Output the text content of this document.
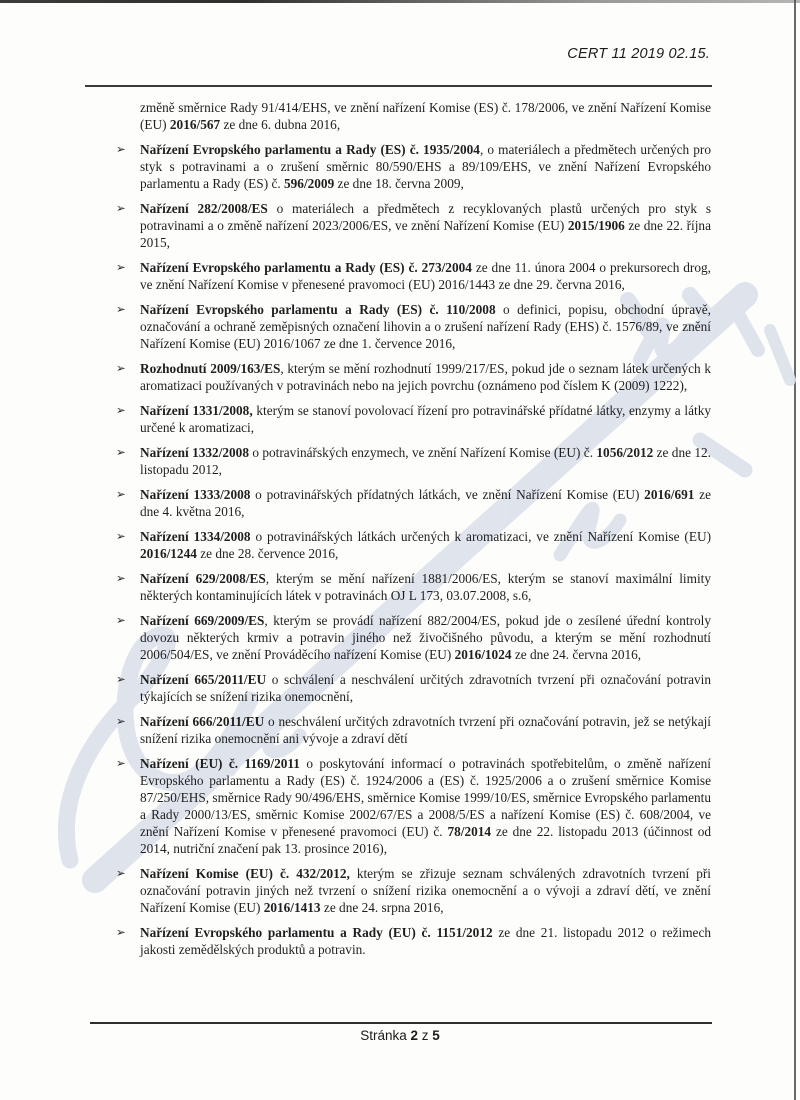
CERT 11 2019 02.15.

změně směrnice Rady 91/414/EHS, ve znění nařízení Komise (ES) č. 178/2006, ve znění Nařízení Komise (EU) 2016/567 ze dne 6. dubna 2016,

➢ Nařízení Evropského parlamentu a Rady (ES) č. 1935/2004, o materiálech a předmětech určených pro styk s potravinami a o zrušení směrnic 80/590/EHS a 89/109/EHS, ve znění Nařízení Evropského parlamentu a Rady (ES) č. 596/2009 ze dne 18. června 2009,

➢ Nařízení 282/2008/ES o materiálech a předmětech z recyklovaných plastů určených pro styk s potravinami a o změně nařízení 2023/2006/ES, ve znění Nařízení Komise (EU) 2015/1906 ze dne 22. října 2015,

➢ Nařízení Evropského parlamentu a Rady (ES) č. 273/2004 ze dne 11. února 2004 o prekursorech drog, ve znění Nařízení Komise v přenesené pravomoci (EU) 2016/1443 ze dne 29. června 2016,

➢ Nařízení Evropského parlamentu a Rady (ES) č. 110/2008 o definici, popisu, obchodní úpravě, označování a ochraně zeměpisných označení lihovin a o zrušení nařízení Rady (EHS) č. 1576/89, ve znění Nařízení Komise (EU) 2016/1067 ze dne 1. července 2016,

➢ Rozhodnutí 2009/163/ES, kterým se mění rozhodnutí 1999/217/ES, pokud jde o seznam látek určených k aromatizaci používaných v potravinách nebo na jejich povrchu (oznámeno pod číslem K (2009) 1222),

➢ Nařízení 1331/2008, kterým se stanoví povolovací řízení pro potravinářské přídatné látky, enzymy a látky určené k aromatizaci,

➢ Nařízení 1332/2008 o potravinářských enzymech, ve znění Nařízení Komise (EU) č. 1056/2012 ze dne 12. listopadu 2012,

➢ Nařízení 1333/2008 o potravinářských přídatných látkách, ve znění Nařízení Komise (EU) 2016/691 ze dne 4. května 2016,

➢ Nařízení 1334/2008 o potravinářských látkách určených k aromatizaci, ve znění Nařízení Komise (EU) 2016/1244 ze dne 28. července 2016,

➢ Nařízení 629/2008/ES, kterým se mění nařízení 1881/2006/ES, kterým se stanoví maximální limity některých kontaminujících látek v potravinách OJ L 173, 03.07.2008, s.6,

➢ Nařízení 669/2009/ES, kterým se provádí nařízení 882/2004/ES, pokud jde o zesílené úřední kontroly dovozu některých krmiv a potravin jiného než živočišného původu, a kterým se mění rozhodnutí 2006/504/ES, ve znění Prováděcího nařízení Komise (EU) 2016/1024 ze dne 24. června 2016,

➢ Nařízení 665/2011/EU o schválení a neschválení určitých zdravotních tvrzení při označování potravin týkajících se snížení rizika onemocnění,

➢ Nařízení 666/2011/EU o neschválení určitých zdravotních tvrzení při označování potravin, jež se netýkají snížení rizika onemocnění ani vývoje a zdraví dětí

➢ Nařízení (EU) č. 1169/2011 o poskytování informací o potravinách spotřebitelům, o změně nařízení Evropského parlamentu a Rady (ES) č. 1924/2006 a (ES) č. 1925/2006 a o zrušení směrnice Komise 87/250/EHS, směrnice Rady 90/496/EHS, směrnice Komise 1999/10/ES, směrnice Evropského parlamentu a Rady 2000/13/ES, směrnic Komise 2002/67/ES a 2008/5/ES a nařízení Komise (ES) č. 608/2004, ve znění Nařízení Komise v přenesené pravomoci (EU) č. 78/2014 ze dne 22. listopadu 2013 (účinnost od 2014, nutriční značení pak 13. prosince 2016),

➢ Nařízení Komise (EU) č. 432/2012, kterým se zřizuje seznam schválených zdravotních tvrzení při označování potravin jiných než tvrzení o snížení rizika onemocnění a o vývoji a zdraví dětí, ve znění Nařízení Komise (EU) 2016/1413 ze dne 24. srpna 2016,

➢ Nařízení Evropského parlamentu a Rady (EU) č. 1151/2012 ze dne 21. listopadu 2012 o režimech jakosti zemědělských produktů a potravin.

Stránka 2 z 5
